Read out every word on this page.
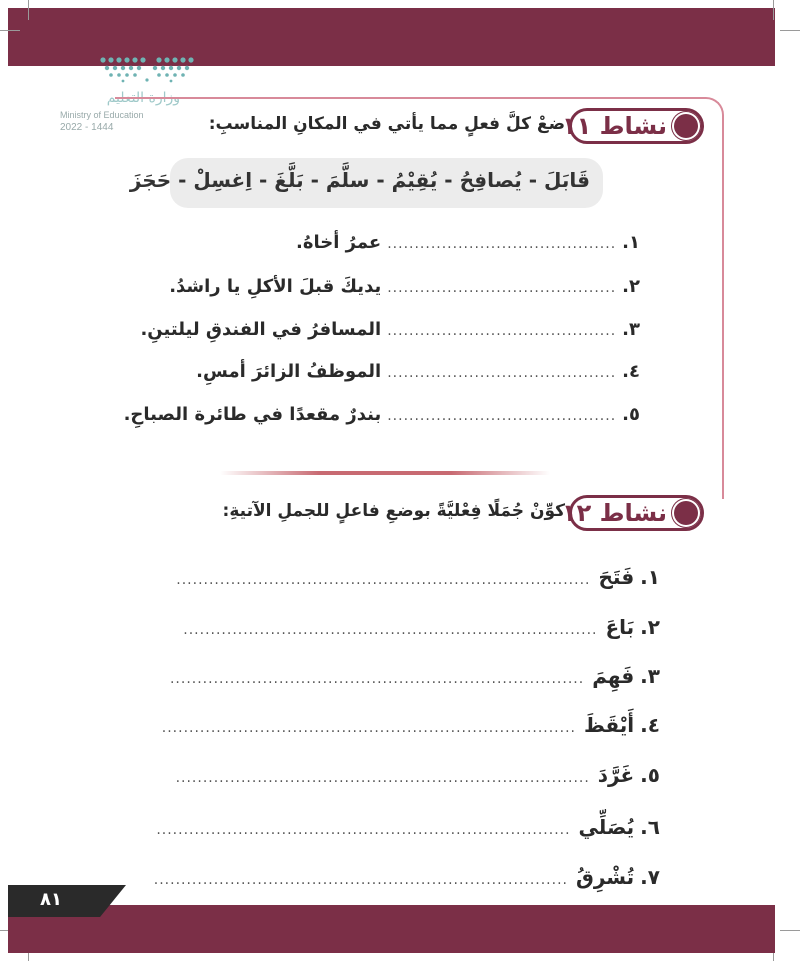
وزارة التعليم
Ministry of Education
2022 - 1444	نشاط ١١
ضعْ كلَّ فعلٍ مما يأتي في المكانِ المناسبِ:
قَابَلَ - يُصافِحُ - يُقِيْمُ - سلَّمَ - بَلَّغَ - اِغسِلْ - حَجَزَ
١...........................................عمرُ أخاهُ.
٢...........................................يديكَ قبلَ الأكلِ يا راشدُ.
٣...........................................المسافرُ في الفندقِ ليلتينِ.
٤...........................................الموظفُ الزائرَ أمسِ.
٥...........................................بندرٌ مقعدًا في طائرة الصباحِ.
نشاط ١٢
كوِّنْ جُمَلًا فِعْليَّةً بوضعِ فاعلٍ للجملِ الآتيةِ:
١.فَتَحَ............................................................................
٢.بَاعَ............................................................................
٣.فَهِمَ............................................................................
٤.أَيْقَظَ............................................................................
٥.غَرَّدَ............................................................................
٦.يُصَلِّي............................................................................
٧.تُشْرِقُ............................................................................
٨١
